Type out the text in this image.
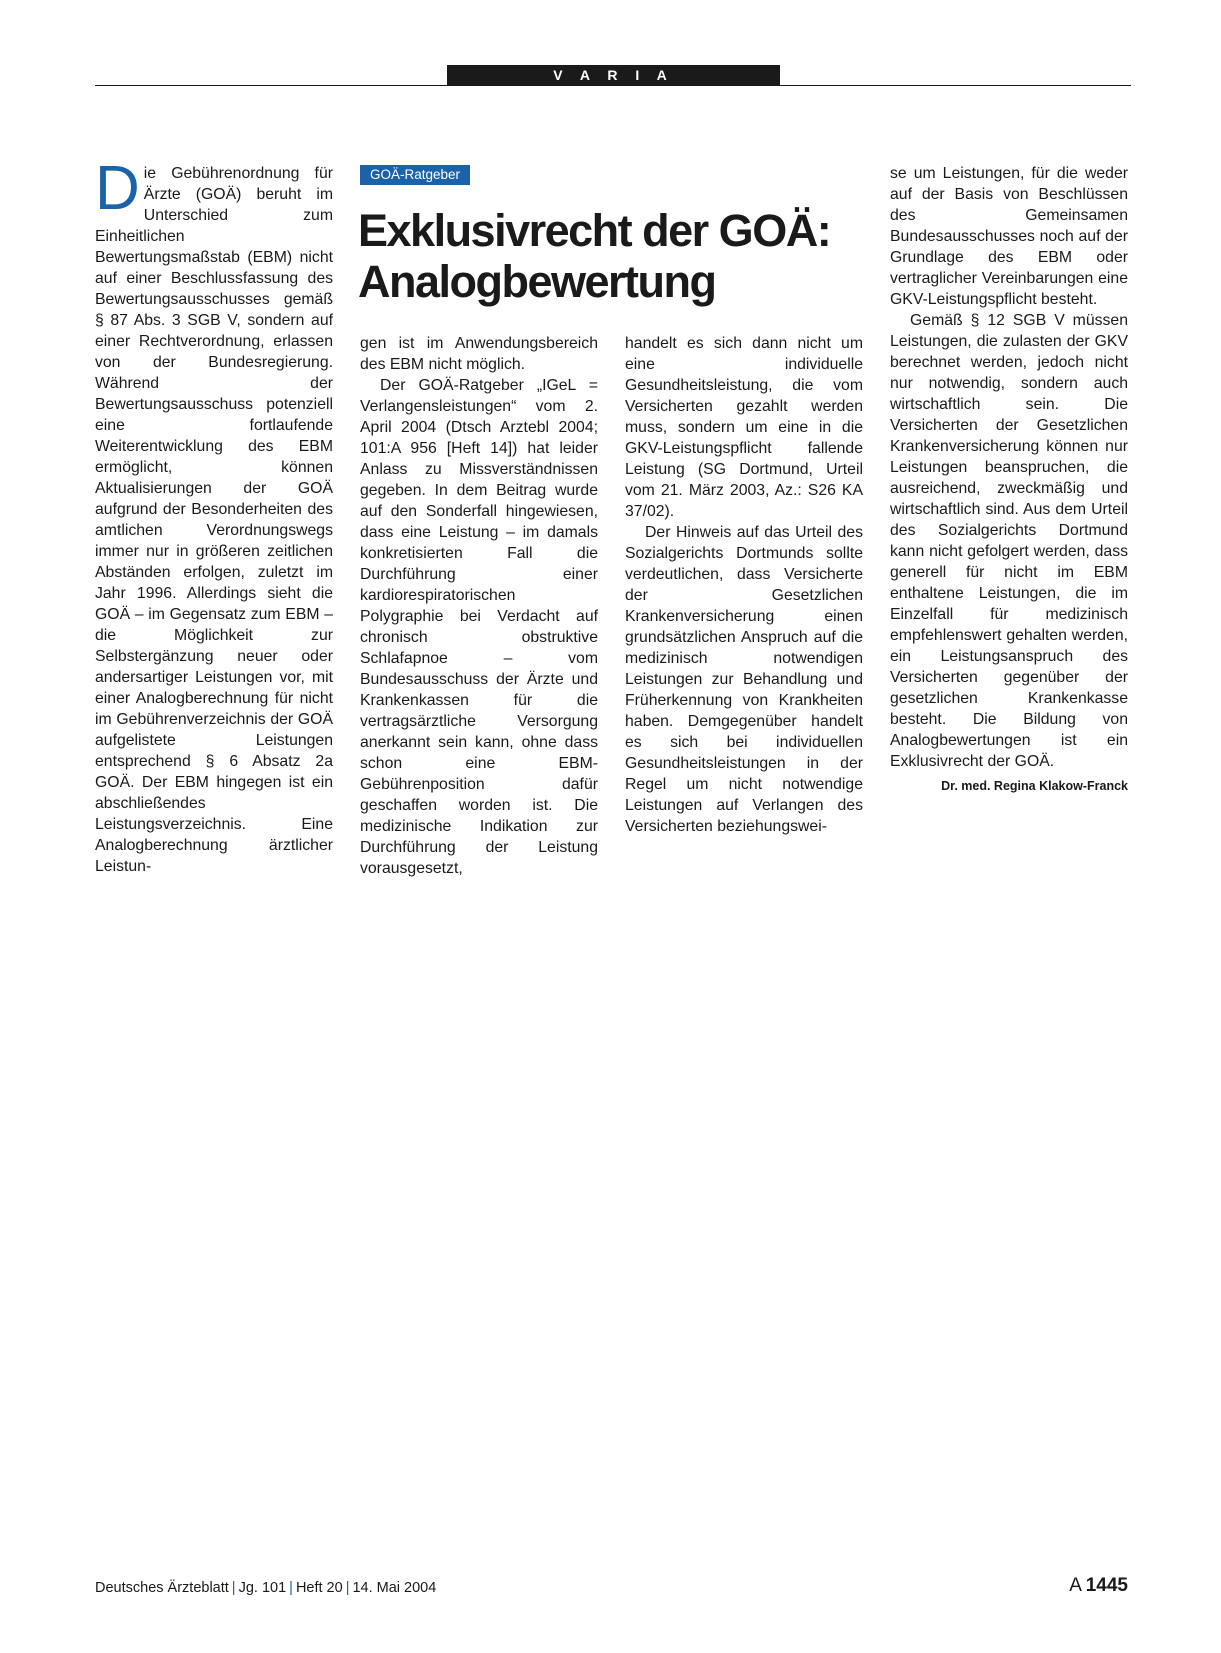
V A R I A

Die Gebührenordnung für Ärzte (GOÄ) beruht im Unterschied zum Einheitlichen Bewertungsmaßstab (EBM) nicht auf einer Beschlussfassung des Bewertungsausschusses gemäß § 87 Abs. 3 SGB V, sondern auf einer Rechtverordnung, erlassen von der Bundesregierung. Während der Bewertungsausschuss potenziell eine fortlaufende Weiterentwicklung des EBM ermöglicht, können Aktualisierungen der GOÄ aufgrund der Besonderheiten des amtlichen Verordnungswegs immer nur in größeren zeitlichen Abständen erfolgen, zuletzt im Jahr 1996. Allerdings sieht die GOÄ – im Gegensatz zum EBM – die Möglichkeit zur Selbstergänzung neuer oder andersartiger Leistungen vor, mit einer Analogberechnung für nicht im Gebührenverzeichnis der GOÄ aufgelistete Leistungen entsprechend § 6 Absatz 2a GOÄ. Der EBM hingegen ist ein abschließendes Leistungsverzeichnis. Eine Analogberechnung ärztlicher Leistun-

GOÄ-Ratgeber
Exklusivrecht der GOÄ:
Analogbewertung

gen ist im Anwendungsbereich des EBM nicht möglich.

Der GOÄ-Ratgeber „IGeL = Verlangensleistungen“ vom 2. April 2004 (Dtsch Arztebl 2004; 101:A 956 [Heft 14]) hat leider Anlass zu Missverständnissen gegeben. In dem Beitrag wurde auf den Sonderfall hingewiesen, dass eine Leistung – im damals konkretisierten Fall die Durchführung einer kardiorespiratorischen Polygraphie bei Verdacht auf chronisch obstruktive Schlafapnoe – vom Bundesausschuss der Ärzte und Krankenkassen für die vertragsärztliche Versorgung anerkannt sein kann, ohne dass schon eine EBM-Gebührenposition dafür geschaffen worden ist. Die medizinische Indikation zur Durchführung der Leistung vorausgesetzt,

handelt es sich dann nicht um eine individuelle Gesundheitsleistung, die vom Versicherten gezahlt werden muss, sondern um eine in die GKV-Leistungspflicht fallende Leistung (SG Dortmund, Urteil vom 21. März 2003, Az.: S26 KA 37/02).

Der Hinweis auf das Urteil des Sozialgerichts Dortmunds sollte verdeutlichen, dass Versicherte der Gesetzlichen Krankenversicherung einen grundsätzlichen Anspruch auf die medizinisch notwendigen Leistungen zur Behandlung und Früherkennung von Krankheiten haben. Demgegenüber handelt es sich bei individuellen Gesundheitsleistungen in der Regel um nicht notwendige Leistungen auf Verlangen des Versicherten beziehungswei-

se um Leistungen, für die weder auf der Basis von Beschlüssen des Gemeinsamen Bundesausschusses noch auf der Grundlage des EBM oder vertraglicher Vereinbarungen eine GKV-Leistungspflicht besteht.

Gemäß § 12 SGB V müssen Leistungen, die zulasten der GKV berechnet werden, jedoch nicht nur notwendig, sondern auch wirtschaftlich sein. Die Versicherten der Gesetzlichen Krankenversicherung können nur Leistungen beanspruchen, die ausreichend, zweckmäßig und wirtschaftlich sind. Aus dem Urteil des Sozialgerichts Dortmund kann nicht gefolgert werden, dass generell für nicht im EBM enthaltene Leistungen, die im Einzelfall für medizinisch empfehlenswert gehalten werden, ein Leistungsanspruch des Versicherten gegenüber der gesetzlichen Krankenkasse besteht. Die Bildung von Analogbewertungen ist ein Exklusivrecht der GOÄ.

Dr. med. Regina Klakow-Franck

Deutsches Ärzteblatt | Jg. 101 | Heft 20 | 14. Mai 2004	A  1445
